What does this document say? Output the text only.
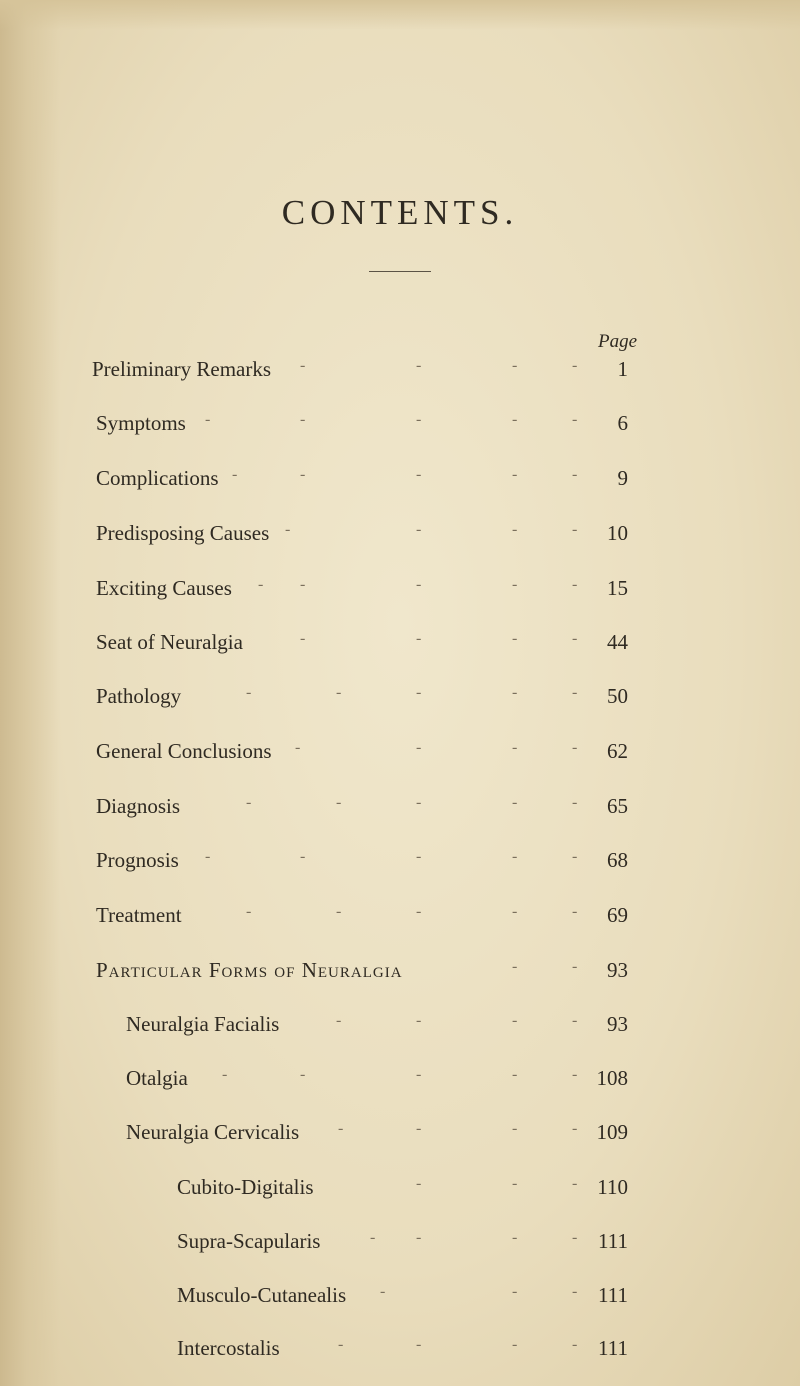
CONTENTS.
Page
Preliminary Remarks -	-	-	- 1
Symptoms -	-	-	-	- 6
Complications -	-	-	-	- 9
Predisposing Causes -	-	-	- 10
Exciting Causes - -	-	-	- 15
Seat of Neuralgia	-	-	-	- 44
Pathology	-	-	-	-	- 50
General Conclusions -	-	-	- 62
Diagnosis	-	-	-	-	- 65
Prognosis -	-	-	-	- 68
Treatment	-	-	-	-	- 69
Particular Forms of Neuralgia	-	- 93
Neuralgia Facialis	-	-	-	- 93
Otalgia -	-	-	-	- 108
Neuralgia Cervicalis -	-	-	- 109
Cubito-Digitalis	-	-	- 110
Supra-Scapularis	-	-	-	- 111
Musculo-Cutanealis -	-	- 111
Intercostalis	-	-	-	- 111
